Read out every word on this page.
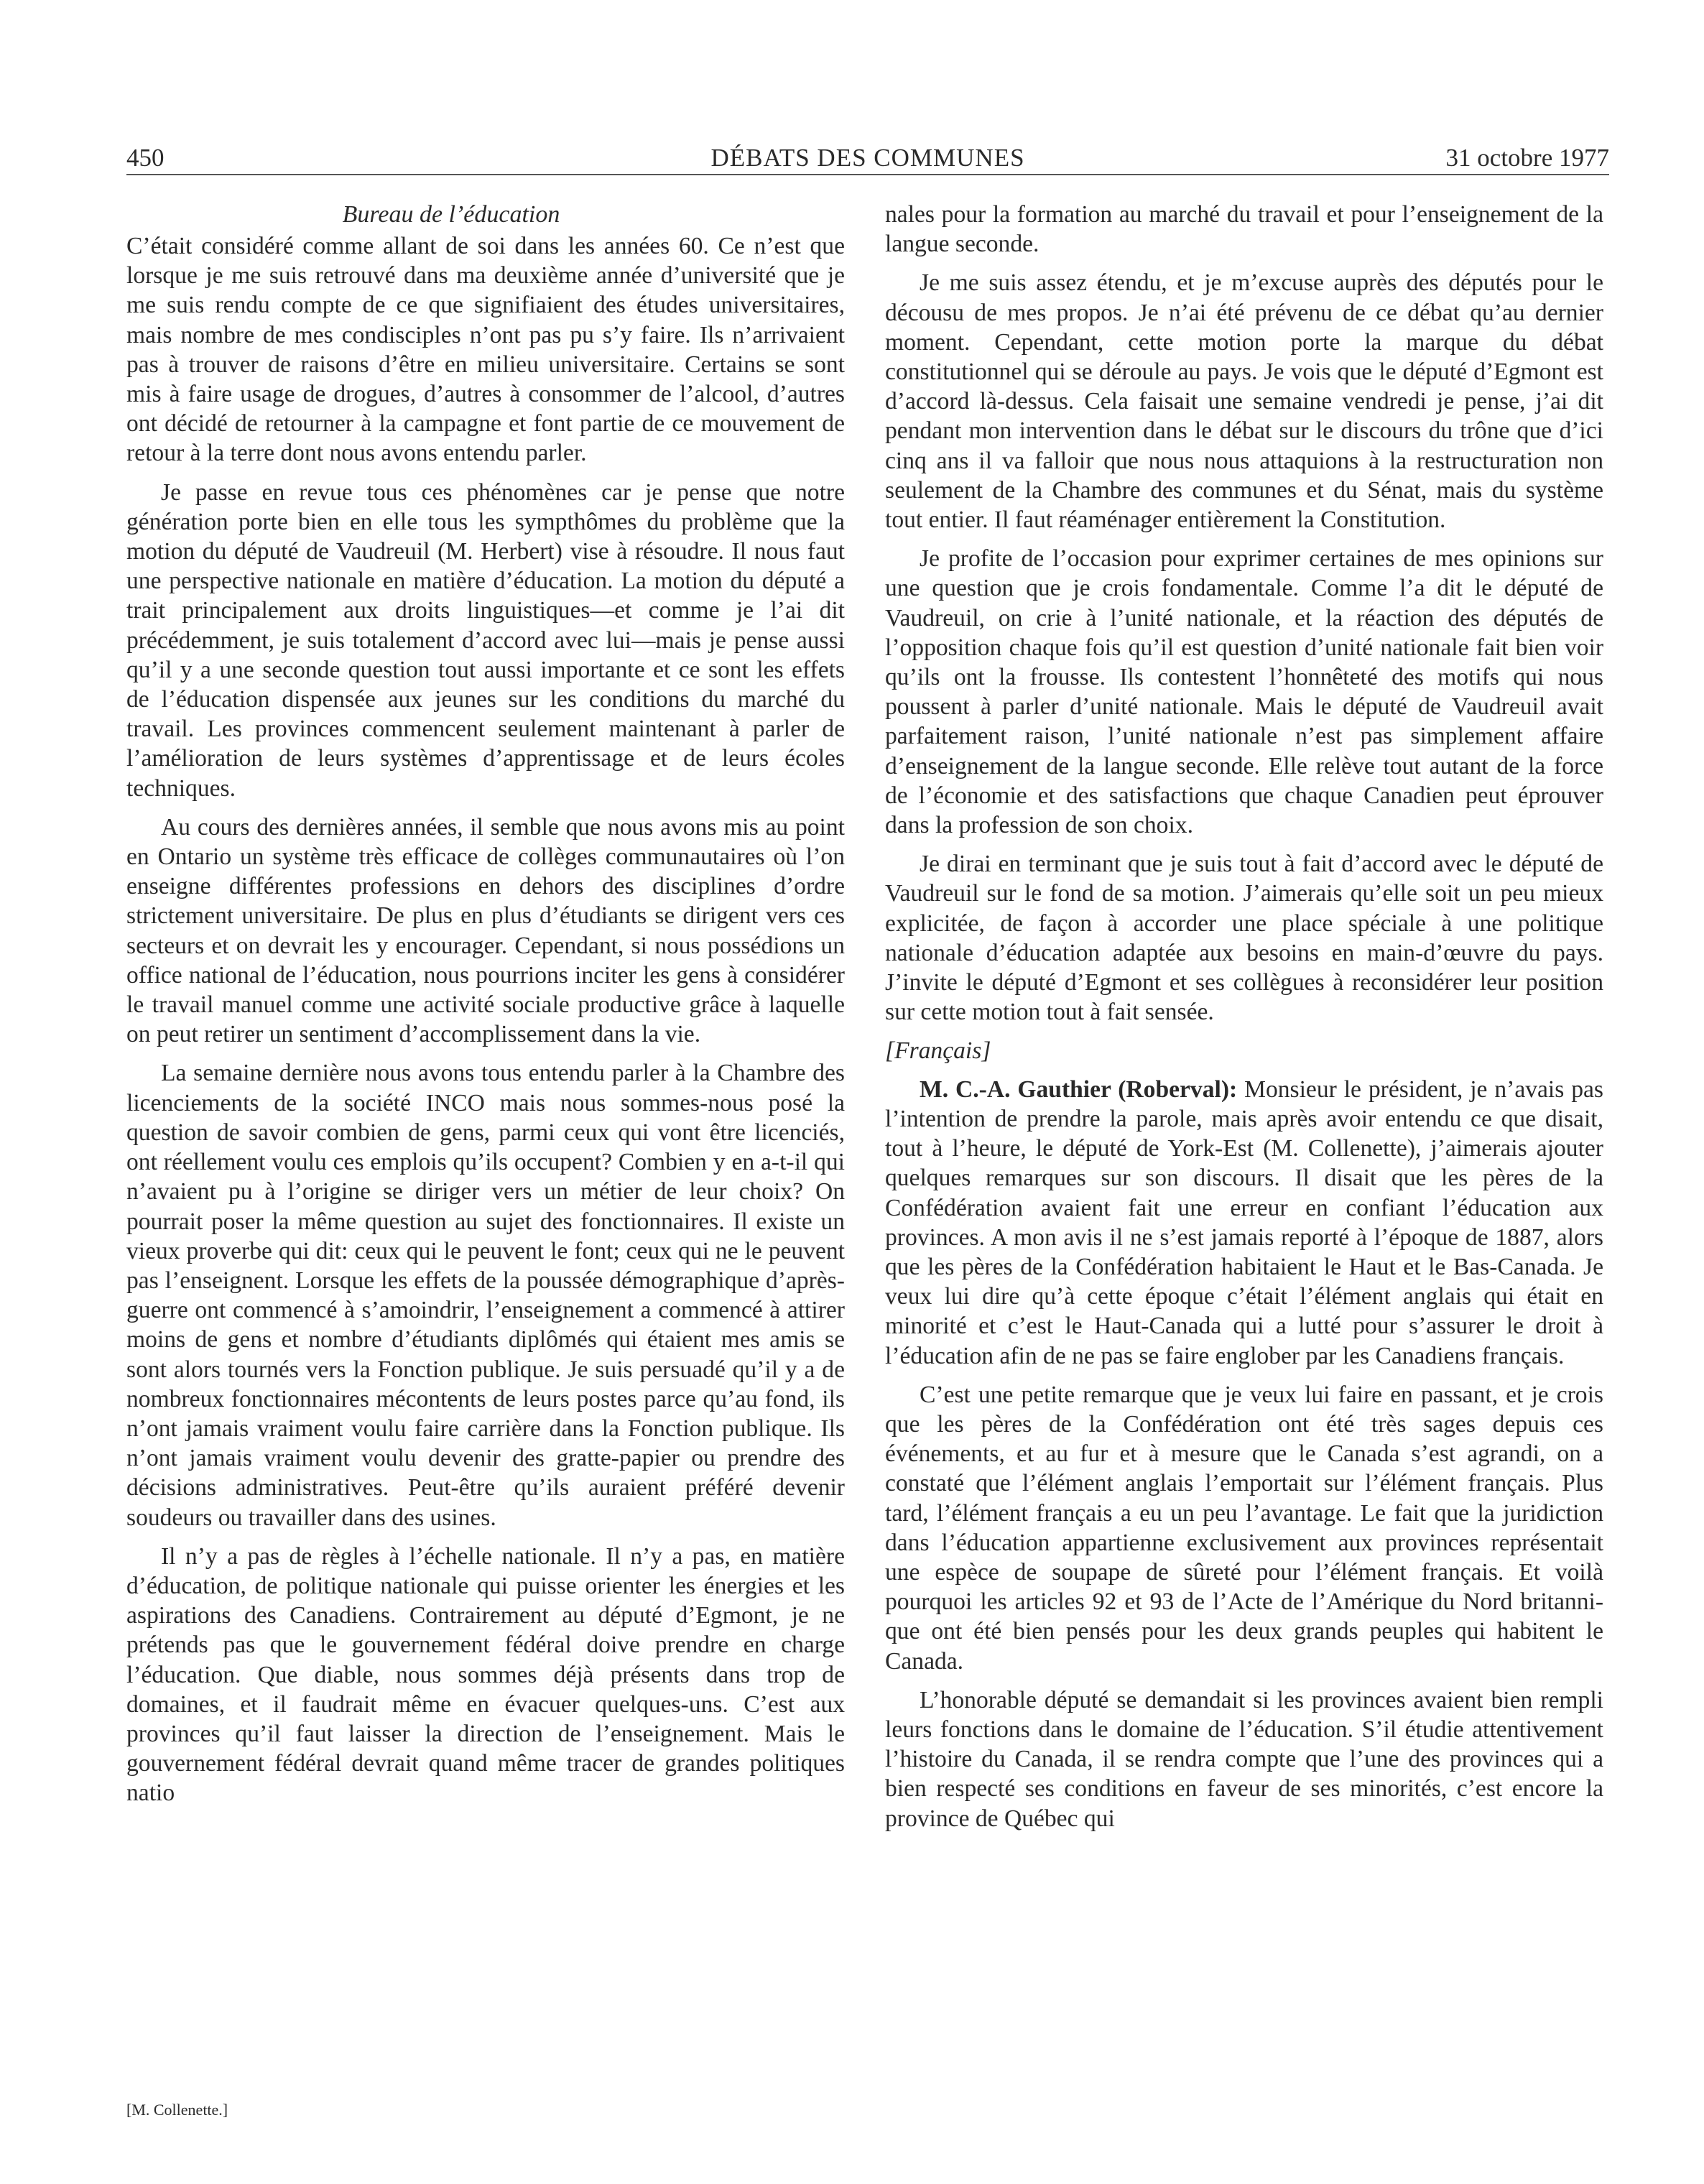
450	DÉBATS DES COMMUNES	31 octobre 1977
Bureau de l’éducation

C’était considéré comme allant de soi dans les années 60. Ce n’est que lorsque je me suis retrouvé dans ma deuxième année d’université que je me suis rendu compte de ce que signifiaient des études universitaires, mais nombre de mes condisciples n’ont pas pu s’y faire. Ils n’arrivaient pas à trouver de raisons d’être en milieu universitaire. Certains se sont mis à faire usage de drogues, d’autres à consommer de l’alcool, d’autres ont décidé de retourner à la campagne et font partie de ce mouvement de retour à la terre dont nous avons entendu parler.

Je passe en revue tous ces phénomènes car je pense que notre génération porte bien en elle tous les sympthômes du problème que la motion du député de Vaudreuil (M. Herbert) vise à résoudre. Il nous faut une perspective nationale en matière d’éducation. La motion du député a trait principalement aux droits linguistiques—et comme je l’ai dit précédemment, je suis totalement d’accord avec lui—mais je pense aussi qu’il y a une seconde question tout aussi importante et ce sont les effets de l’éducation dispensée aux jeunes sur les conditions du marché du travail. Les provinces commencent seulement maintenant à parler de l’amélioration de leurs systèmes d’apprentissage et de leurs écoles techniques.

Au cours des dernières années, il semble que nous avons mis au point en Ontario un système très efficace de collèges communautaires où l’on enseigne différentes professions en dehors des disciplines d’ordre strictement universitaire. De plus en plus d’étudiants se dirigent vers ces secteurs et on devrait les y encourager. Cependant, si nous possédions un office national de l’éducation, nous pourrions inciter les gens à considérer le travail manuel comme une activité sociale productive grâce à laquelle on peut retirer un sentiment d’accomplissement dans la vie.

La semaine dernière nous avons tous entendu parler à la Chambre des licenciements de la société INCO mais nous sommes-nous posé la question de savoir combien de gens, parmi ceux qui vont être licenciés, ont réellement voulu ces emplois qu’ils occupent? Combien y en a-t-il qui n’avaient pu à l’origine se diriger vers un métier de leur choix? On pourrait poser la même question au sujet des fonctionnaires. Il existe un vieux proverbe qui dit: ceux qui le peuvent le font; ceux qui ne le peuvent pas l’enseignent. Lorsque les effets de la poussée démographique d’après-guerre ont commencé à s’amoindrir, l’enseignement a commencé à attirer moins de gens et nombre d’étudiants diplômés qui étaient mes amis se sont alors tournés vers la Fonction publique. Je suis persuadé qu’il y a de nombreux fonctionnaires mécontents de leurs postes parce qu’au fond, ils n’ont jamais vraiment voulu faire carrière dans la Fonction publique. Ils n’ont jamais vraiment voulu devenir des gratte-papier ou prendre des décisions administratives. Peut-être qu’ils auraient préféré devenir soudeurs ou travailler dans des usines.

Il n’y a pas de règles à l’échelle nationale. Il n’y a pas, en matière d’éducation, de politique nationale qui puisse orienter les énergies et les aspirations des Canadiens. Contrairement au député d’Egmont, je ne prétends pas que le gouvernement fédéral doive prendre en charge l’éducation. Que diable, nous sommes déjà présents dans trop de domaines, et il faudrait même en évacuer quelques-uns. C’est aux provinces qu’il faut laisser la direction de l’enseignement. Mais le gouvernement fédéral devrait quand même tracer de grandes politiques natio

nales pour la formation au marché du travail et pour l’enseignement de la langue seconde.

Je me suis assez étendu, et je m’excuse auprès des députés pour le décousu de mes propos. Je n’ai été prévenu de ce débat qu’au dernier moment. Cependant, cette motion porte la marque du débat constitutionnel qui se déroule au pays. Je vois que le député d’Egmont est d’accord là-dessus. Cela faisait une semaine vendredi je pense, j’ai dit pendant mon intervention dans le débat sur le discours du trône que d’ici cinq ans il va falloir que nous nous attaquions à la restructuration non seulement de la Chambre des communes et du Sénat, mais du système tout entier. Il faut réaménager entièrement la Constitution.

Je profite de l’occasion pour exprimer certaines de mes opinions sur une question que je crois fondamentale. Comme l’a dit le député de Vaudreuil, on crie à l’unité nationale, et la réaction des députés de l’opposition chaque fois qu’il est question d’unité nationale fait bien voir qu’ils ont la frousse. Ils contestent l’honnêteté des motifs qui nous poussent à parler d’unité nationale. Mais le député de Vaudreuil avait parfaitement raison, l’unité nationale n’est pas simplement affaire d’enseignement de la langue seconde. Elle relève tout autant de la force de l’économie et des satisfactions que chaque Canadien peut éprouver dans la profession de son choix.

Je dirai en terminant que je suis tout à fait d’accord avec le député de Vaudreuil sur le fond de sa motion. J’aimerais qu’elle soit un peu mieux explicitée, de façon à accorder une place spéciale à une politique nationale d’éducation adaptée aux besoins en main-d’œuvre du pays. J’invite le député d’Egmont et ses collègues à reconsidérer leur position sur cette motion tout à fait sensée.

[Français]

M. C.-A. Gauthier (Roberval): Monsieur le président, je n’avais pas l’intention de prendre la parole, mais après avoir entendu ce que disait, tout à l’heure, le député de York-Est (M. Collenette), j’aimerais ajouter quelques remarques sur son discours. Il disait que les pères de la Confédération avaient fait une erreur en confiant l’éducation aux provinces. A mon avis il ne s’est jamais reporté à l’époque de 1887, alors que les pères de la Confédération habitaient le Haut et le Bas-Canada. Je veux lui dire qu’à cette époque c’était l’élément anglais qui était en minorité et c’est le Haut-Canada qui a lutté pour s’assurer le droit à l’éducation afin de ne pas se faire englober par les Canadiens français.

C’est une petite remarque que je veux lui faire en passant, et je crois que les pères de la Confédération ont été très sages depuis ces événements, et au fur et à mesure que le Canada s’est agrandi, on a constaté que l’élément anglais l’emportait sur l’élément français. Plus tard, l’élément français a eu un peu l’avantage. Le fait que la juridiction dans l’éducation appartienne exclusivement aux provinces représentait une espèce de soupape de sûreté pour l’élément français. Et voilà pourquoi les articles 92 et 93 de l’Acte de l’Amérique du Nord britannique ont été bien pensés pour les deux grands peuples qui habitent le Canada.

L’honorable député se demandait si les provinces avaient bien rempli leurs fonctions dans le domaine de l’éducation. S’il étudie attentivement l’histoire du Canada, il se rendra compte que l’une des provinces qui a bien respecté ses conditions en faveur de ses minorités, c’est encore la province de Québec qui

[M. Collenette.]
